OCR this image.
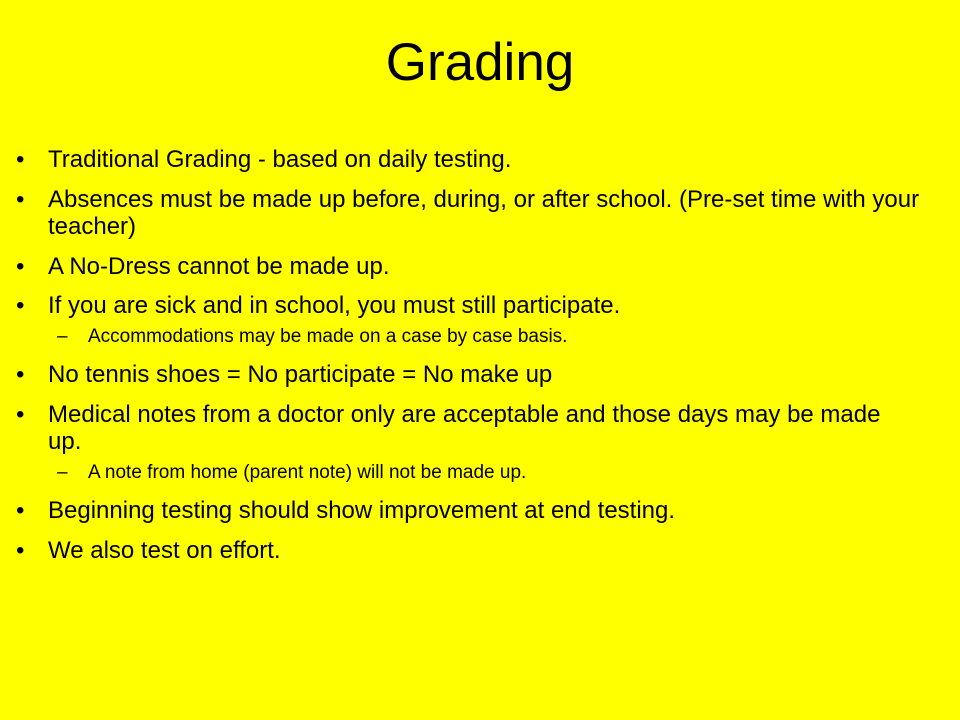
Grading
• Traditional Grading - based on daily testing.
• Absences must be made up before, during, or after school. (Pre-set time with your teacher)
• A No-Dress cannot be made up.
• If you are sick and in school, you must still participate.
–	Accommodations may be made on a case by case basis.
• No tennis shoes = No participate = No make up
• Medical notes from a doctor only are acceptable and those days may be made up.
–	A note from home (parent note) will not be made up.
• Beginning testing should show improvement at end testing.
• We also test on effort.
